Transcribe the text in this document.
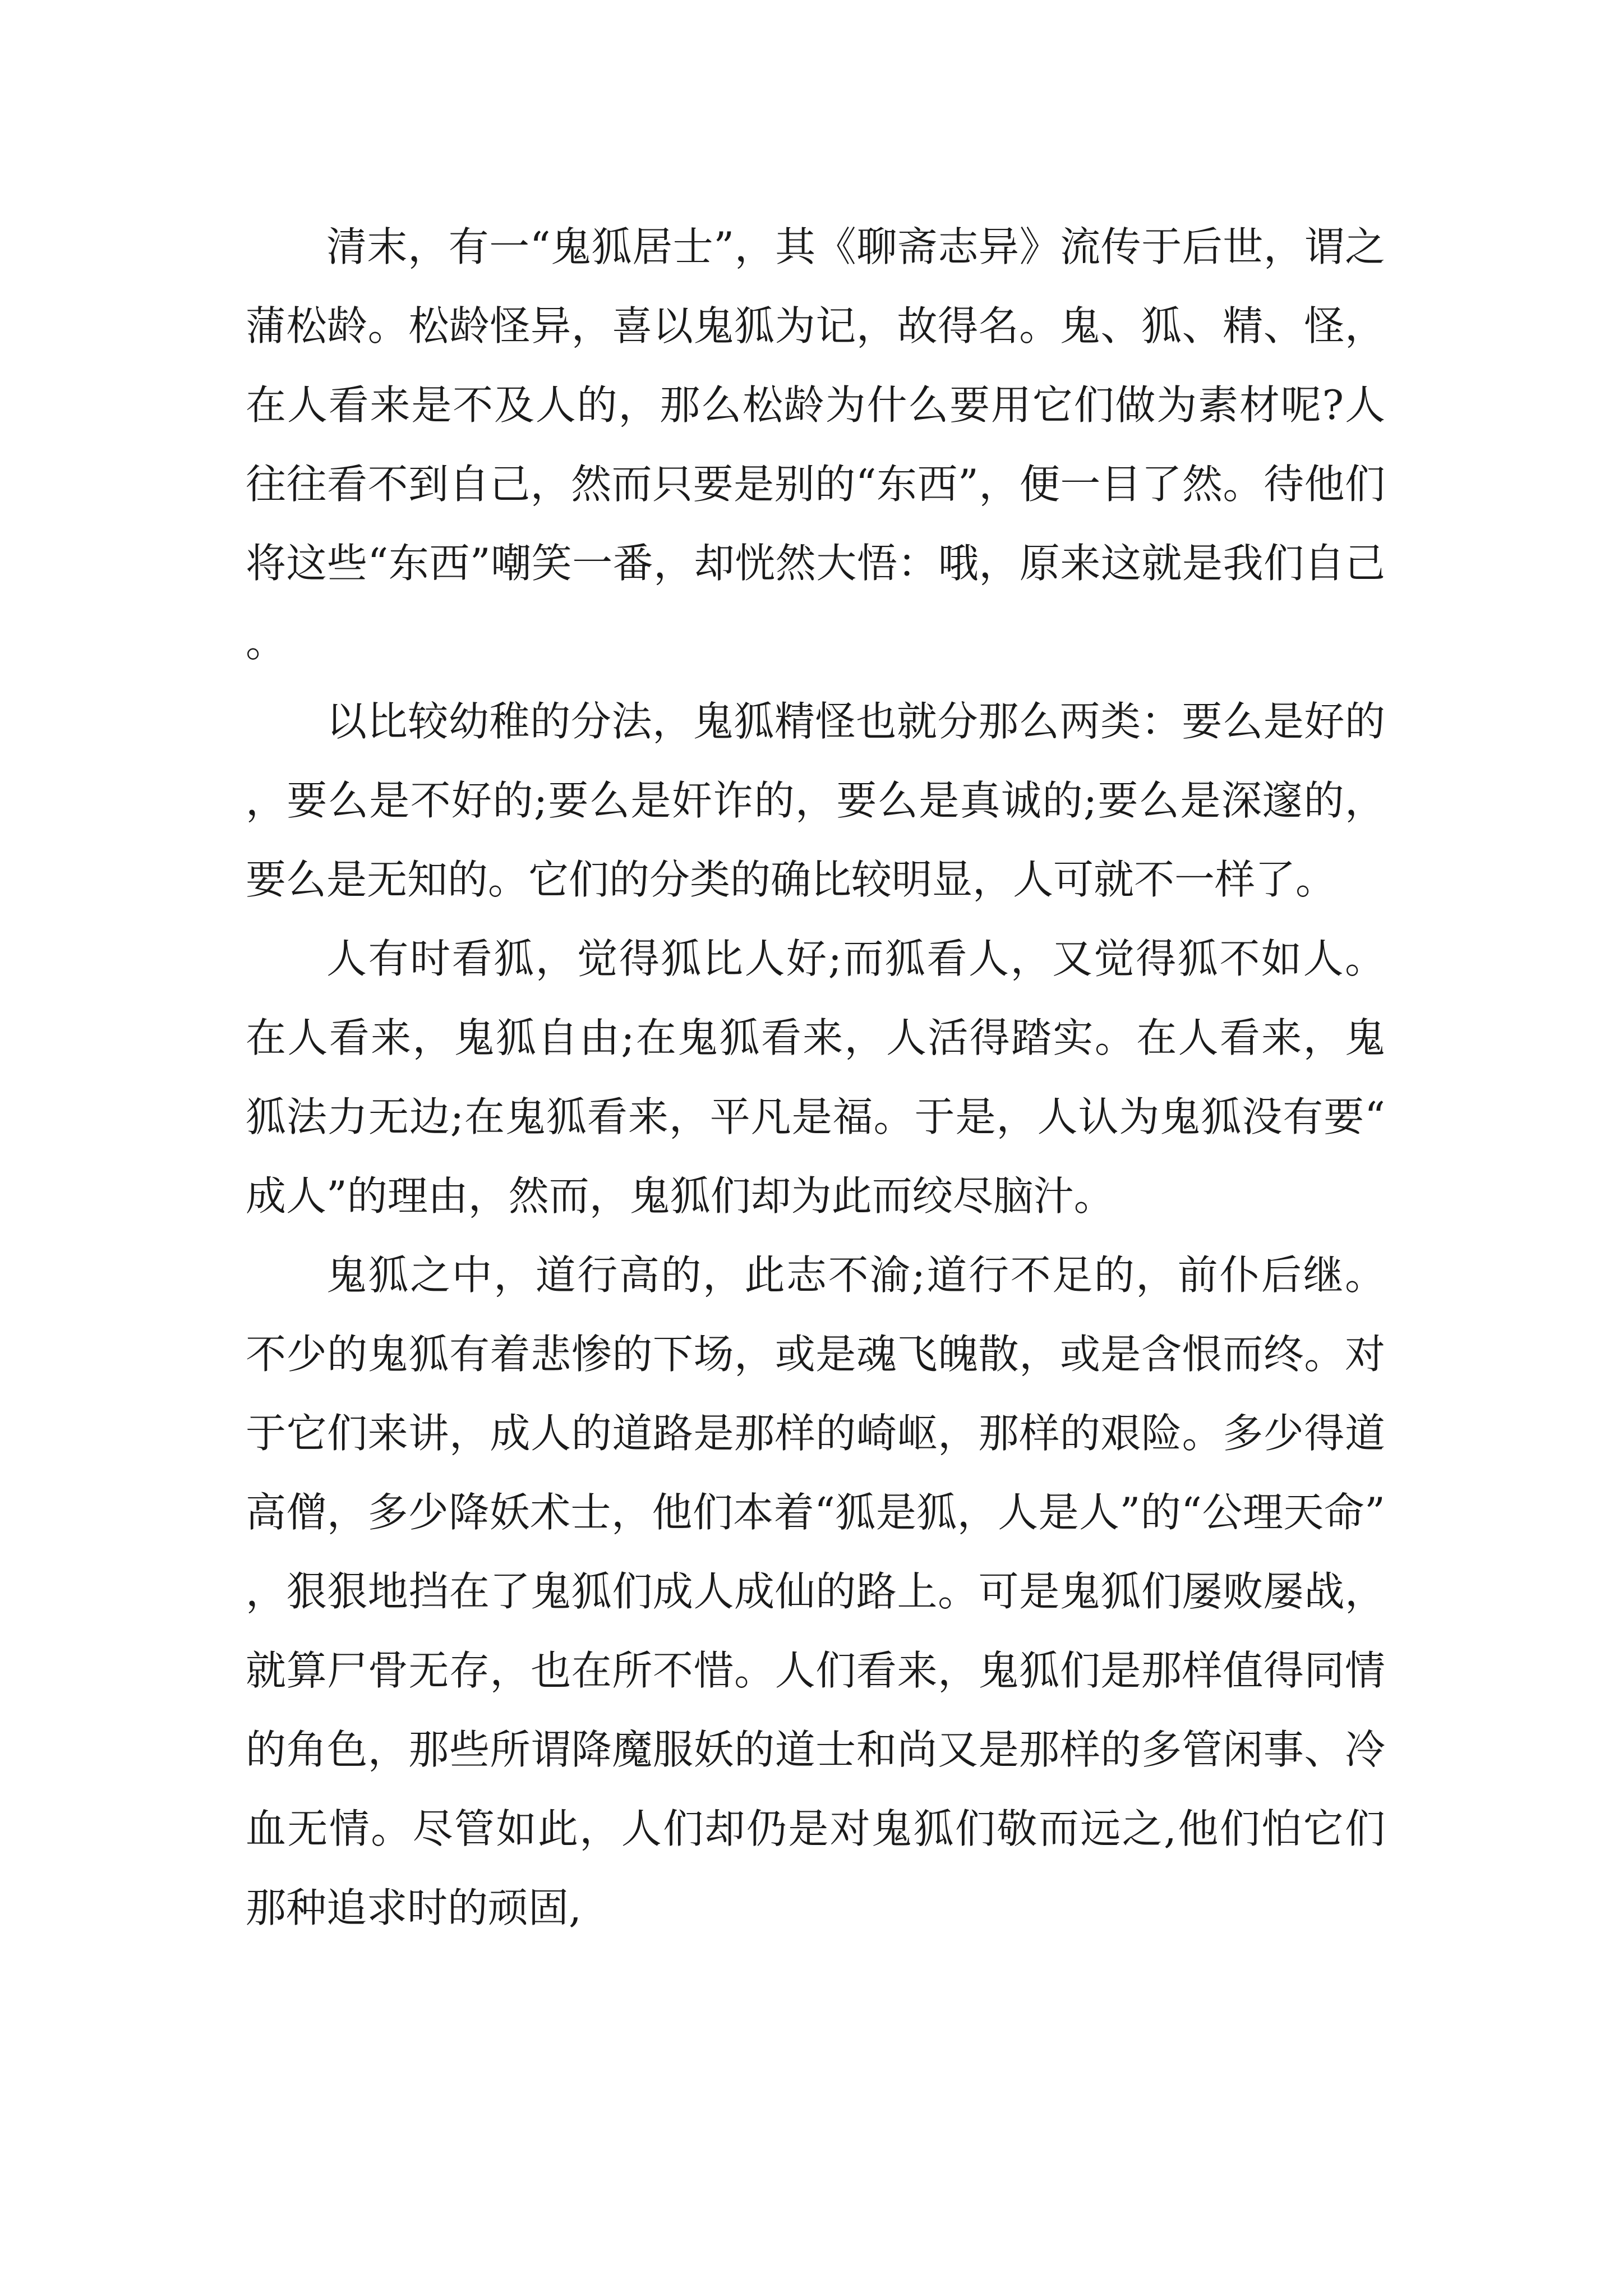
清末，有一“鬼狐居士”，其《聊斋志异》流传于后世，谓之蒲松龄。松龄怪异，喜以鬼狐为记，故得名。鬼、狐、精、怪，在人看来是不及人的，那么松龄为什么要用它们做为素材呢?人往往看不到自己，然而只要是别的“东西”，便一目了然。待他们将这些“东西”嘲笑一番，却恍然大悟：哦，原来这就是我们自己。

以比较幼稚的分法，鬼狐精怪也就分那么两类：要么是好的，要么是不好的;要么是奸诈的，要么是真诚的;要么是深邃的，要么是无知的。它们的分类的确比较明显，人可就不一样了。

人有时看狐，觉得狐比人好;而狐看人，又觉得狐不如人。在人看来，鬼狐自由;在鬼狐看来，人活得踏实。在人看来，鬼狐法力无边;在鬼狐看来，平凡是福。于是，人认为鬼狐没有要“成人”的理由，然而，鬼狐们却为此而绞尽脑汁。

鬼狐之中，道行高的，此志不渝;道行不足的，前仆后继。不少的鬼狐有着悲惨的下场，或是魂飞魄散，或是含恨而终。对于它们来讲，成人的道路是那样的崎岖，那样的艰险。多少得道高僧，多少降妖术士，他们本着“狐是狐，人是人”的“公理天命”，狠狠地挡在了鬼狐们成人成仙的路上。可是鬼狐们屡败屡战，就算尸骨无存，也在所不惜。人们看来，鬼狐们是那样值得同情的角色，那些所谓降魔服妖的道士和尚又是那样的多管闲事、冷血无情。尽管如此，人们却仍是对鬼狐们敬而远之,他们怕它们那种追求时的顽固,
